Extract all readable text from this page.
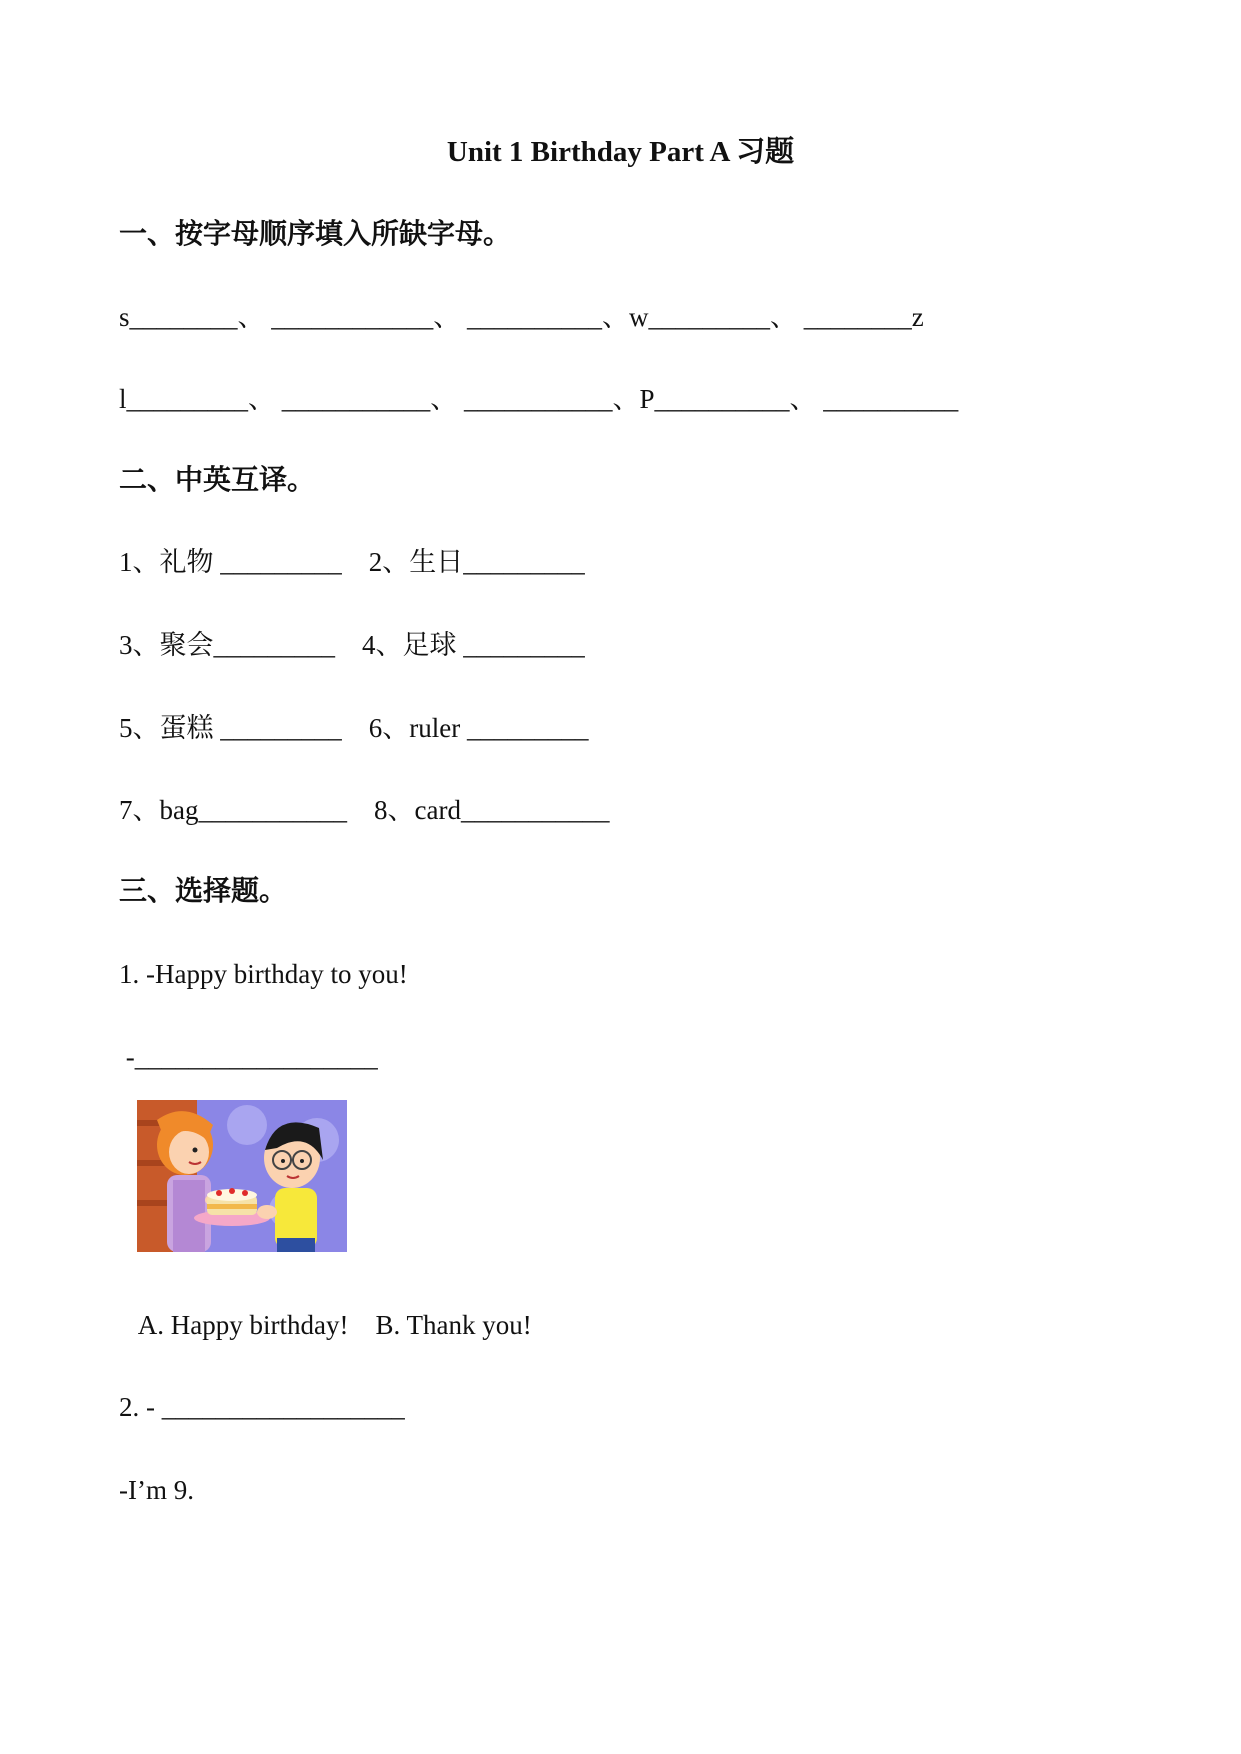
Unit 1 Birthday Part A 习题
一、按字母顺序填入所缺字母。
s________、 ____________、 __________、w_________、 ________z
l_________、 ___________、 ___________、P__________、 __________
二、中英互译。
1、礼物 _________    2、生日_________
3、聚会_________    4、足球 _________
5、蛋糕 _________    6、ruler _________
7、bag___________    8、card___________
三、选择题。
1. -Happy birthday to you!
-__________________
A. Happy birthday!    B. Thank you!
2. - __________________
-I’m 9.
